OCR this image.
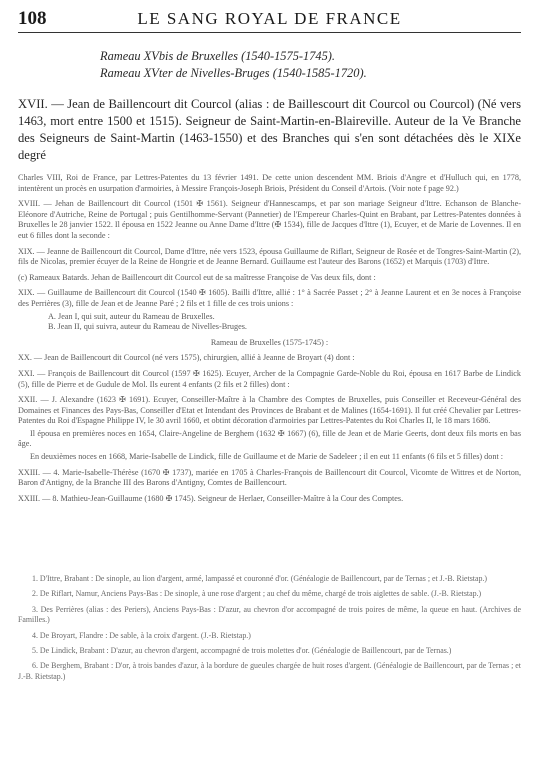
108	LE SANG ROYAL DE FRANCE
Rameau XVbis de Bruxelles (1540-1575-1745).
Rameau XVter de Nivelles-Bruges (1540-1585-1720).
XVII. — Jean de Baillencourt dit Courcol (alias : de Baillescourt dit Courcol ou Courcol) (Né vers 1463, mort entre 1500 et 1515). Seigneur de Saint-Martin-en-Blaireville. Auteur de la Ve Branche des Seigneurs de Saint-Martin (1463-1550) et des Branches qui s'en sont détachées dès le XIXe degré

Charles VIII, Roi de France, par Lettres-Patentes du 13 février 1491. De cette union descendent MM. Briois d'Angre et d'Hulluch qui, en 1778, intentèrent un procès en usurpation d'armoiries, à Messire François-Joseph Briois, Président du Conseil d'Artois. (Voir note f page 92.)

XVIII. — Jehan de Baillencourt dit Courcol (1501 ✠ 1561). Seigneur d'Hannescamps, et par son mariage Seigneur d'Ittre. Echanson de Blanche-Eléonore d'Autriche, Reine de Portugal ; puis Gentilhomme-Servant (Pannetier) de l'Empereur Charles-Quint en Brabant, par Lettres-Patentes données à Bruxelles le 28 janvier 1522. Il épousa en 1522 Jeanne ou Anne Dame d'Ittre (✠ 1534), fille de Jacques d'Ittre (1), Ecuyer, et de Marie de Lovennes. Il en eut 6 filles dont la seconde :

XIX. — Jeanne de Baillencourt dit Courcol, Dame d'Ittre, née vers 1523, épousa Guillaume de Riflart, Seigneur de Rosée et de Tongres-Saint-Martin (2), fils de Nicolas, premier écuyer de la Reine de Hongrie et de Jeanne Bernard. Guillaume est l'auteur des Barons (1652) et Marquis (1703) d'Ittre.

(c) Rameaux Batards. Jehan de Baillencourt dit Courcol eut de sa maîtresse Françoise de Vas deux fils, dont :

XIX. — Guillaume de Baillencourt dit Courcol (1540 ✠ 1605). Bailli d'Ittre, allié : 1° à Sacrée Passet ; 2° à Jeanne Laurent et en 3e noces à Françoise des Perrières (3), fille de Jean et de Jeanne Paré ; 2 fils et 1 fille de ces trois unions :

A. Jean I, qui suit, auteur du Rameau de Bruxelles.
B. Jean II, qui suivra, auteur du Rameau de Nivelles-Bruges.

Rameau de Bruxelles (1575-1745) :

XX. — Jean de Baillencourt dit Courcol (né vers 1575), chirurgien, allié à Jeanne de Broyart (4) dont :

XXI. — François de Baillencourt dit Courcol (1597 ✠ 1625). Ecuyer, Archer de la Compagnie Garde-Noble du Roi, épousa en 1617 Barbe de Lindick (5), fille de Pierre et de Gudule de Mol. Ils eurent 4 enfants (2 fils et 2 filles) dont :

XXII. — J. Alexandre (1623 ✠ 1691). Ecuyer, Conseiller-Maître à la Chambre des Comptes de Bruxelles, puis Conseiller et Receveur-Général des Domaines et Finances des Pays-Bas, Conseiller d'Etat et Intendant des Provinces de Brabant et de Malines (1654-1691). Il fut créé Chevalier par Lettres-Patentes du Roi d'Espagne Philippe IV, le 30 avril 1660, et obtint décoration d'armoiries par Lettres-Patentes du Roi Charles II, le 18 mars 1686.

Il épousa en premières noces en 1654, Claire-Angeline de Berghem (1632 ✠ 1667) (6), fille de Jean et de Marie Geerts, dont deux fils morts en bas âge.

En deuxièmes noces en 1668, Marie-Isabelle de Lindick, fille de Guillaume et de Marie de Sadeleer ; il en eut 11 enfants (6 fils et 5 filles) dont :

XXIII. — 4. Marie-Isabelle-Thérèse (1670 ✠ 1737), mariée en 1705 à Charles-François de Baillencourt dit Courcol, Vicomte de Wittres et de Norton, Baron d'Antigny, de la Branche III des Barons d'Antigny, Comtes de Baillencourt.

XXIII. — 8. Mathieu-Jean-Guillaume (1680 ✠ 1745). Seigneur de Herlaer, Conseiller-Maître à la Cour des Comptes.

1. D'Ittre, Brabant : De sinople, au lion d'argent, armé, lampassé et couronné d'or. (Généalogie de Baillencourt, par de Ternas ; et J.-B. Rietstap.)

2. De Riflart, Namur, Anciens Pays-Bas : De sinople, à une rose d'argent ; au chef du même, chargé de trois aiglettes de sable. (J.-B. Rietstap.)

3. Des Perrières (alias : des Periers), Anciens Pays-Bas : D'azur, au chevron d'or accompagné de trois poires de même, la queue en haut. (Archives de Familles.)

4. De Broyart, Flandre : De sable, à la croix d'argent. (J.-B. Rietstap.)

5. De Lindick, Brabant : D'azur, au chevron d'argent, accompagné de trois molettes d'or. (Généalogie de Baillencourt, par de Ternas.)

6. De Berghem, Brabant : D'or, à trois bandes d'azur, à la bordure de gueules chargée de huit roses d'argent. (Généalogie de Baillencourt, par de Ternas ; et J.-B. Rietstap.)
